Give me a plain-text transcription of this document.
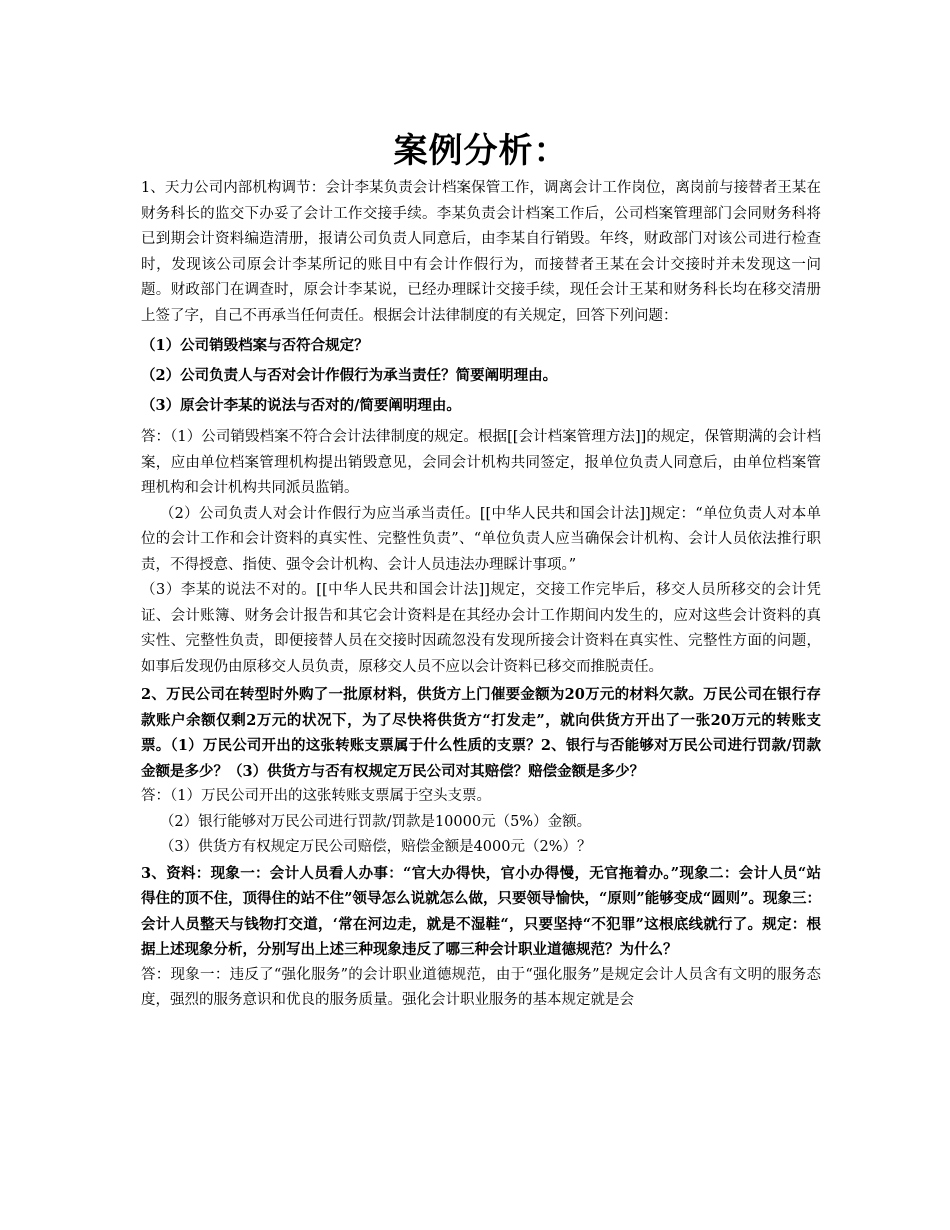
案例分析：

1、天力公司内部机构调节：会计李某负责会计档案保管工作，调离会计工作岗位，离岗前与接替者王某在财务科长的监交下办妥了会计工作交接手续。李某负责会计档案工作后，公司档案管理部门会同财务科将已到期会计资料编造清册，报请公司负责人同意后，由李某自行销毁。年终，财政部门对该公司进行检查时，发现该公司原会计李某所记的账目中有会计作假行为，而接替者王某在会计交接时并未发现这一问题。财政部门在调查时，原会计李某说，已经办理睬计交接手续，现任会计王某和财务科长均在移交清册上签了字，自己不再承当任何责任。根据会计法律制度的有关规定，回答下列问题：

（1）公司销毁档案与否符合规定？

（2）公司负责人与否对会计作假行为承当责任？简要阐明理由。

（3）原会计李某的说法与否对的/简要阐明理由。

答：（1）公司销毁档案不符合会计法律制度的规定。根据[[会计档案管理方法]]的规定，保管期满的会计档案，应由单位档案管理机构提出销毁意见，会同会计机构共同签定，报单位负责人同意后，由单位档案管理机构和会计机构共同派员监销。

（2）公司负责人对会计作假行为应当承当责任。[[中华人民共和国会计法]]规定：“单位负责人对本单位的会计工作和会计资料的真实性、完整性负责”、“单位负责人应当确保会计机构、会计人员依法推行职责，不得授意、指使、强令会计机构、会计人员违法办理睬计事项。”

（3）李某的说法不对的。[[中华人民共和国会计法]]规定，交接工作完毕后，移交人员所移交的会计凭证、会计账簿、财务会计报告和其它会计资料是在其经办会计工作期间内发生的，应对这些会计资料的真实性、完整性负责，即便接替人员在交接时因疏忽没有发现所接会计资料在真实性、完整性方面的问题，如事后发现仍由原移交人员负责，原移交人员不应以会计资料已移交而推脱责任。

2、万民公司在转型时外购了一批原材料，供货方上门催要金额为20万元的材料欠款。万民公司在银行存款账户余额仅剩2万元的状况下，为了尽快将供货方“打发走”，就向供货方开出了一张20万元的转账支票。（1）万民公司开出的这张转账支票属于什么性质的支票？2、银行与否能够对万民公司进行罚款/罚款金额是多少？（3）供货方与否有权规定万民公司对其赔偿？赔偿金额是多少？

答：（1）万民公司开出的这张转账支票属于空头支票。

（2）银行能够对万民公司进行罚款/罚款是10000元（5%）金额。

（3）供货方有权规定万民公司赔偿，赔偿金额是4000元（2%）？

3、资料：现象一：会计人员看人办事：“官大办得快，官小办得慢，无官拖着办。”现象二：会计人员“站得住的顶不住，顶得住的站不住”领导怎么说就怎么做，只要领导愉快，“原则”能够变成“圆则”。现象三：会计人员整天与钱物打交道，‘常在河边走，就是不湿鞋“，只要坚持“不犯罪”这根底线就行了。规定：根据上述现象分析，分别写出上述三种现象违反了哪三种会计职业道德规范？为什么？

答：现象一：违反了“强化服务”的会计职业道德规范，由于“强化服务”是规定会计人员含有文明的服务态度，强烈的服务意识和优良的服务质量。强化会计职业服务的基本规定就是会
